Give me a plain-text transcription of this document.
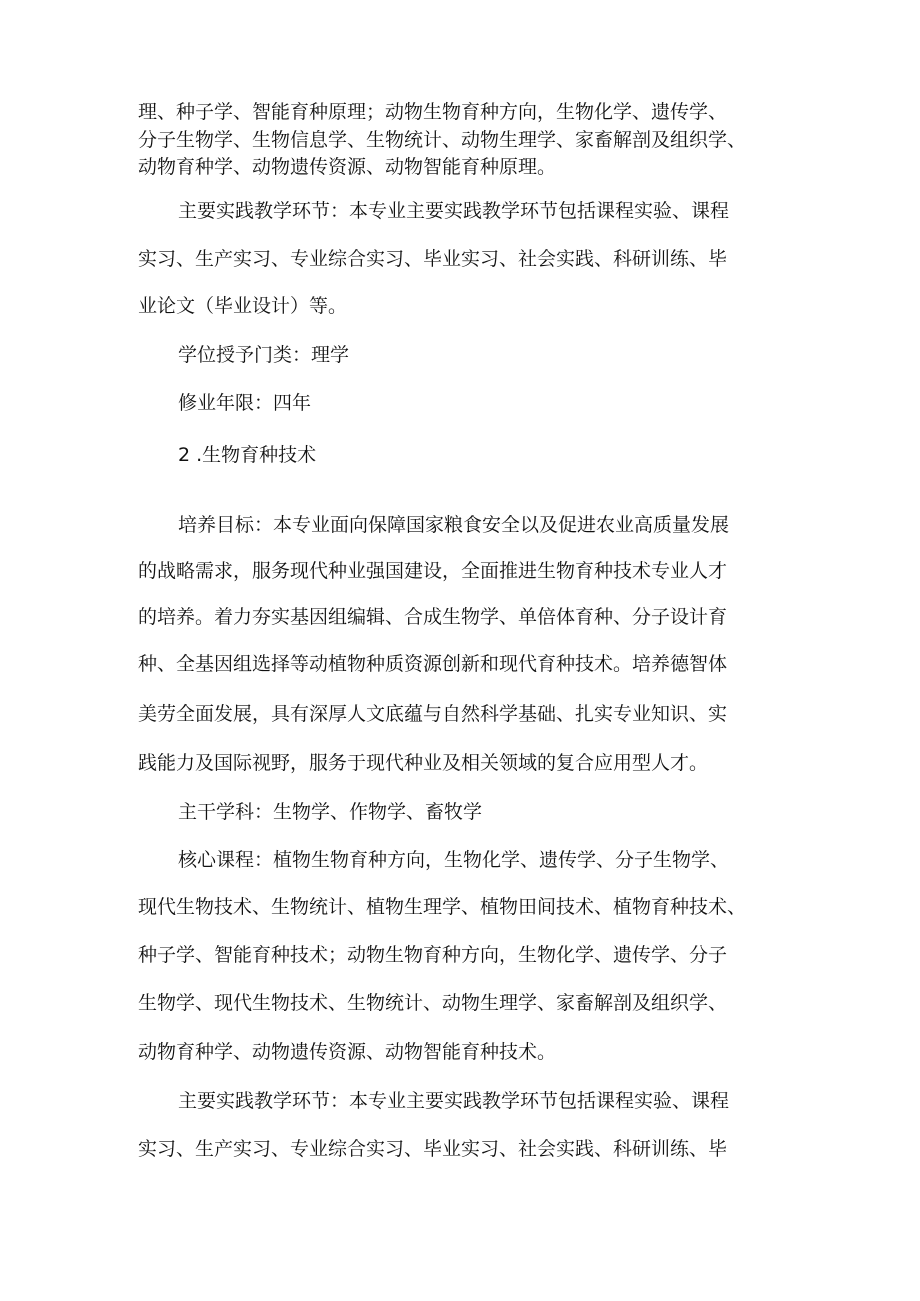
理、种子学、智能育种原理；动物生物育种方向，生物化学、遗传学、
分子生物学、生物信息学、生物统计、动物生理学、家畜解剖及组织学、
动物育种学、动物遗传资源、动物智能育种原理。
主要实践教学环节：本专业主要实践教学环节包括课程实验、课程
实习、生产实习、专业综合实习、毕业实习、社会实践、科研训练、毕
业论文（毕业设计）等。
学位授予门类：理学
修业年限：四年
2 .生物育种技术
培养目标：本专业面向保障国家粮食安全以及促进农业高质量发展
的战略需求，服务现代种业强国建设，全面推进生物育种技术专业人才
的培养。着力夯实基因组编辑、合成生物学、单倍体育种、分子设计育
种、全基因组选择等动植物种质资源创新和现代育种技术。培养德智体
美劳全面发展，具有深厚人文底蕴与自然科学基础、扎实专业知识、实
践能力及国际视野，服务于现代种业及相关领域的复合应用型人才。
主干学科：生物学、作物学、畜牧学
核心课程：植物生物育种方向，生物化学、遗传学、分子生物学、
现代生物技术、生物统计、植物生理学、植物田间技术、植物育种技术、
种子学、智能育种技术；动物生物育种方向，生物化学、遗传学、分子
生物学、现代生物技术、生物统计、动物生理学、家畜解剖及组织学、
动物育种学、动物遗传资源、动物智能育种技术。
主要实践教学环节：本专业主要实践教学环节包括课程实验、课程
实习、生产实习、专业综合实习、毕业实习、社会实践、科研训练、毕
